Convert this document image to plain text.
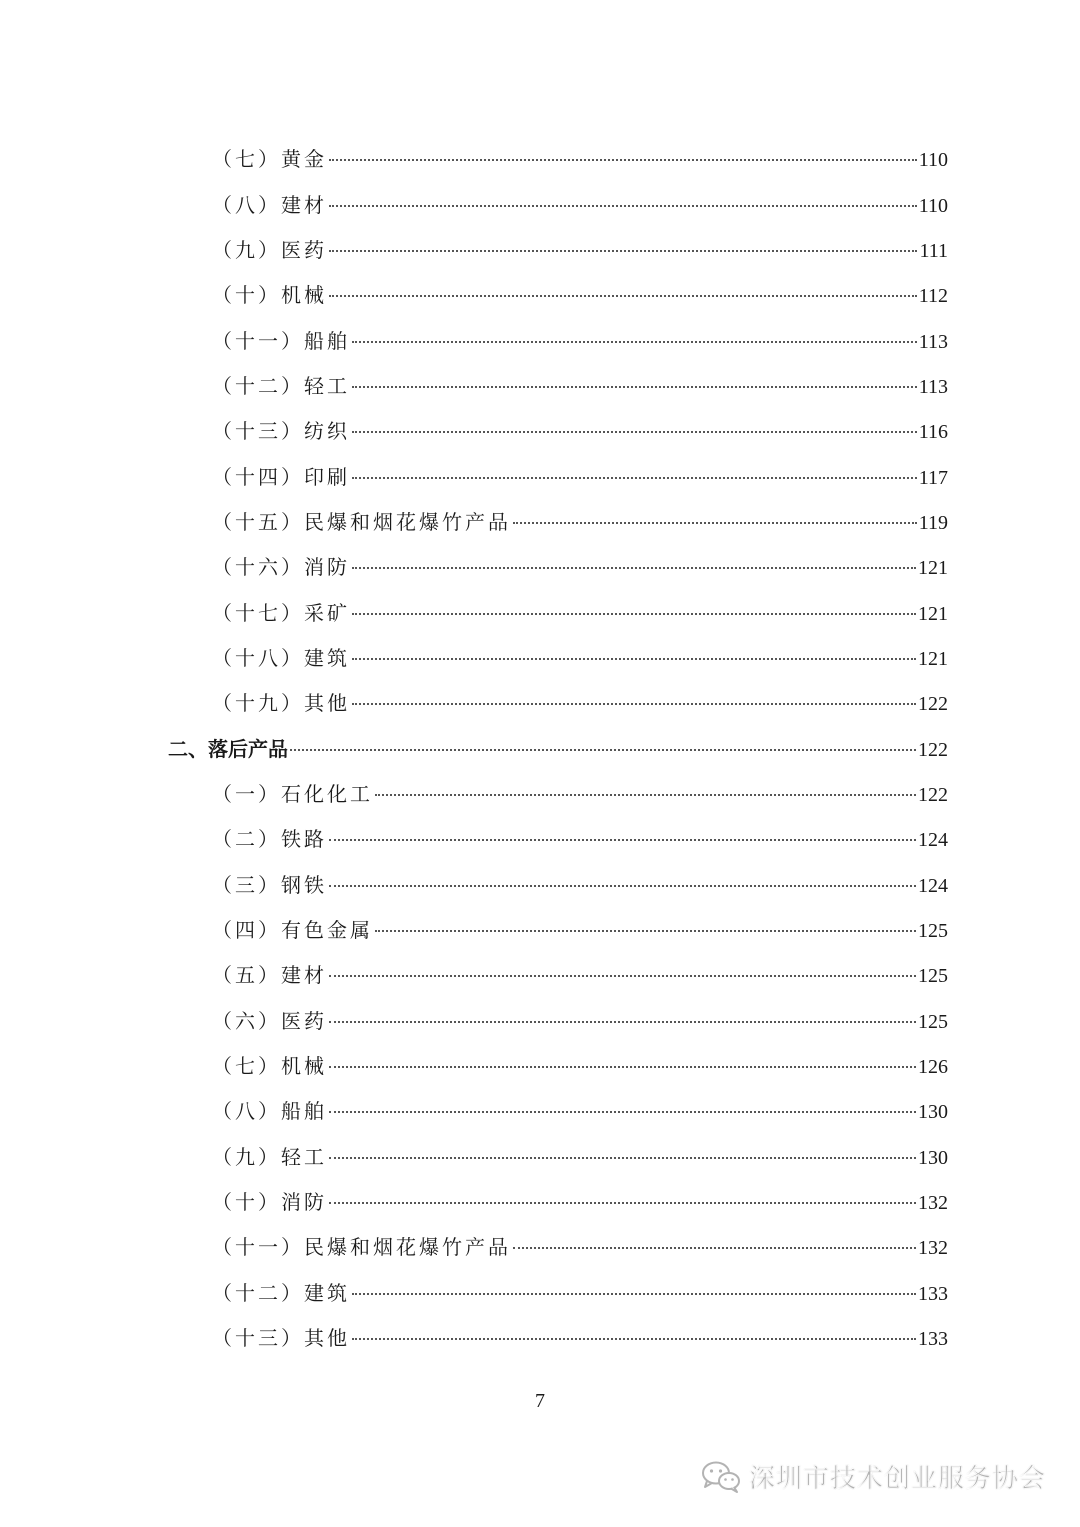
（七）黄金	110
（八）建材	110
（九）医药	111
（十）机械	112
（十一）船舶	113
（十二）轻工	113
（十三）纺织	116
（十四）印刷	117
（十五）民爆和烟花爆竹产品	119
（十六）消防	121
（十七）采矿	121
（十八）建筑	121
（十九）其他	122
二、落后产品	122
（一）石化化工	122
（二）铁路	124
（三）钢铁	124
（四）有色金属	125
（五）建材	125
（六）医药	125
（七）机械	126
（八）船舶	130
（九）轻工	130
（十）消防	132
（十一）民爆和烟花爆竹产品	132
（十二）建筑	133
（十三）其他	133
7
深圳市技术创业服务协会
